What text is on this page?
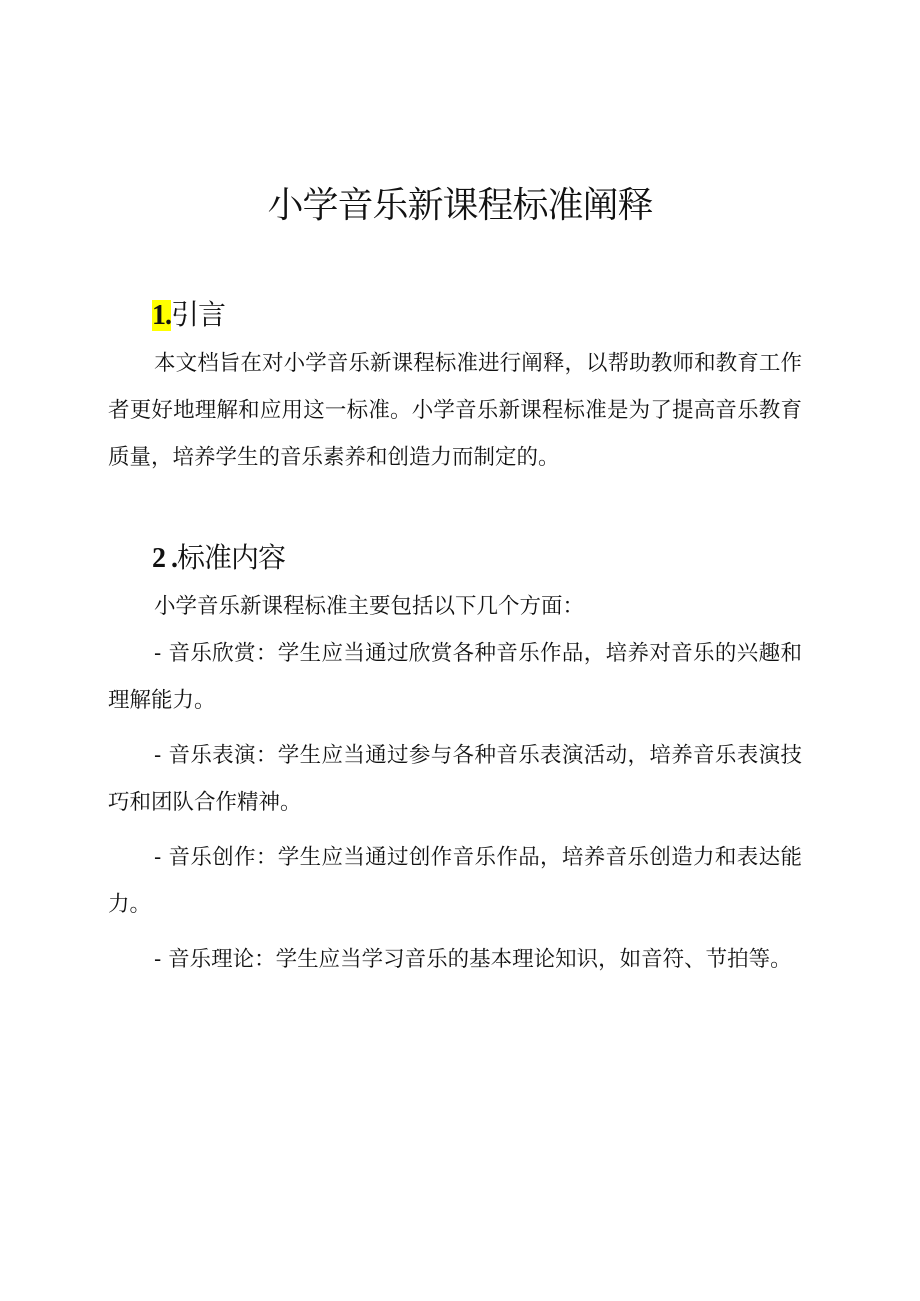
小学音乐新课程标准阐释
1.引言

本文档旨在对小学音乐新课程标准进行阐释，以帮助教师和教育工作者更好地理解和应用这一标准。小学音乐新课程标准是为了提高音乐教育质量，培养学生的音乐素养和创造力而制定的。

2 .标准内容

小学音乐新课程标准主要包括以下几个方面：

- 音乐欣赏：学生应当通过欣赏各种音乐作品，培养对音乐的兴趣和理解能力。

- 音乐表演：学生应当通过参与各种音乐表演活动，培养音乐表演技巧和团队合作精神。

- 音乐创作：学生应当通过创作音乐作品，培养音乐创造力和表达能力。

- 音乐理论：学生应当学习音乐的基本理论知识，如音符、节拍等。
